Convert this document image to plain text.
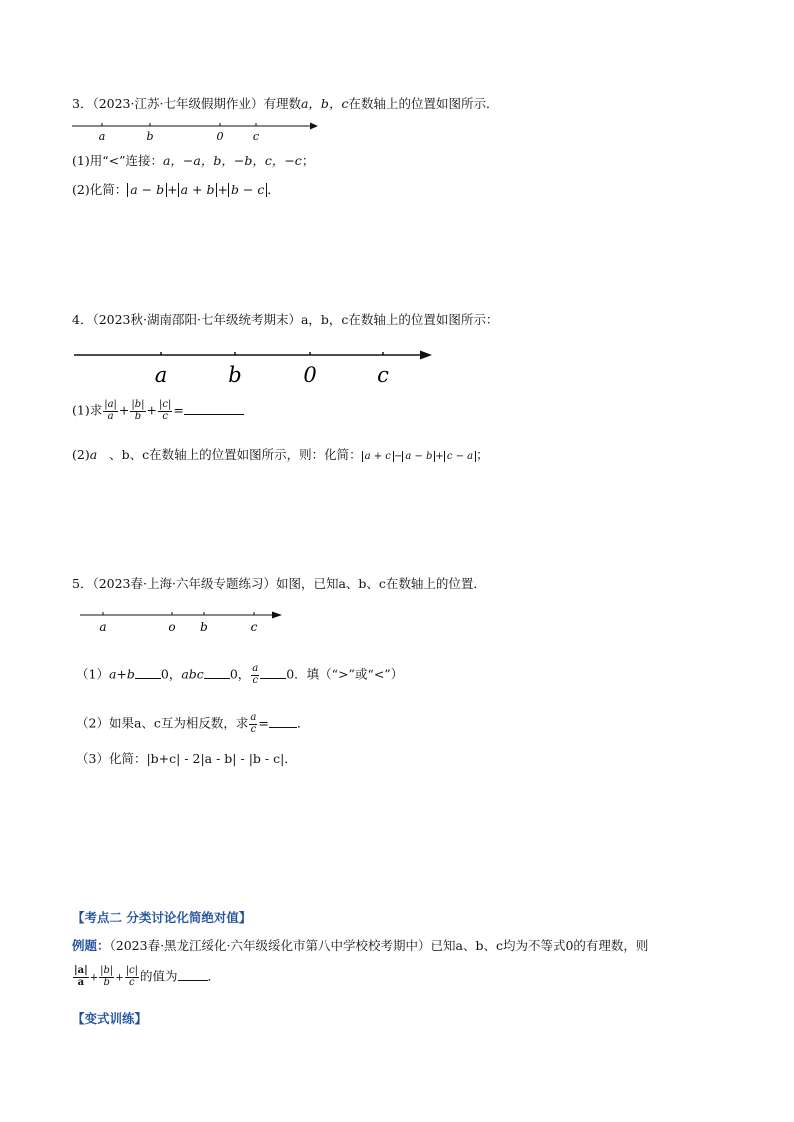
3．（2023·江苏·七年级假期作业）有理数a，b，c在数轴上的位置如图所示．
a	b	0	c
(1)用“<”连接：a，−a，b，−b，c，−c；
(2)化简： a − b + a + b + b − c ．
4．（2023秋·湖南邵阳·七年级统考期末）a，b，c在数轴上的位置如图所示：
a	b	0	c
(1)求 $\frac{|a|}{a} + \frac{|b|}{b} + \frac{|c|}{c}$ =
(2)a 、b、c在数轴上的位置如图所示，则：化简： a + c − a − b + c − a ；
5．（2023春·上海·六年级专题练习）如图，已知a、b、c在数轴上的位置．
a	o b	c
（1）a+b 0，abc 0， $\frac{a}{c} 0$．填（“>”或“<”）
（2）如果a、c互为相反数，求 $\frac{a}{c}$ = ．
（3）化简：|b+c| - 2|a - b| - |b - c|．
【考点二 分类讨论化简绝对值】
例题：（2023春·黑龙江绥化·六年级绥化市第八中学校校考期中）已知a、b、c均为不等式0的有理数，则
$\frac{|a|}{a} + \frac{|b|}{b} + \frac{|c|}{c}$ 的值为 ．
【变式训练】
